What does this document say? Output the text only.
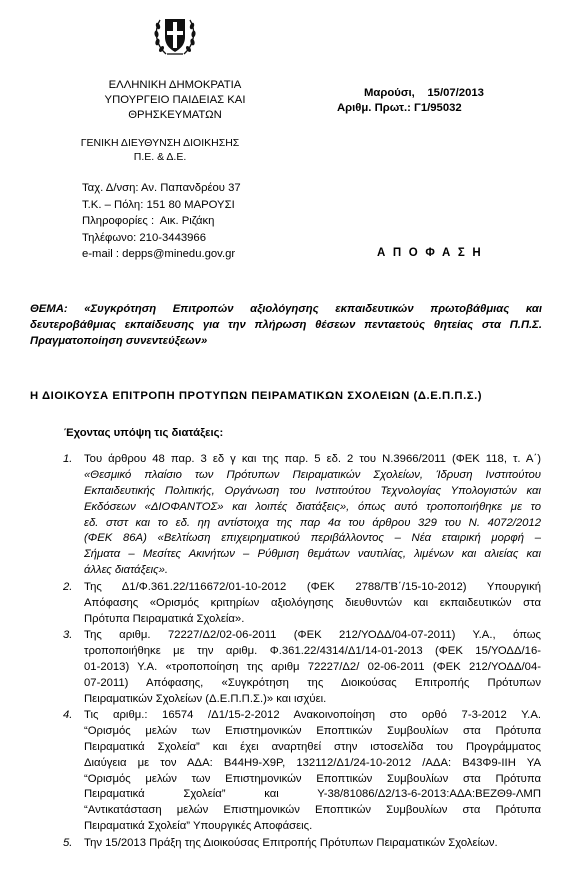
ΕΛΛΗΝΙΚΗ ΔΗΜΟΚΡΑΤΙΑ
ΥΠΟΥΡΓΕΙΟ ΠΑΙΔΕΙΑΣ ΚΑΙ ΘΡΗΣΚΕΥΜΑΤΩΝ
Μαρούσι,    15/07/2013
Αριθμ. Πρωτ.: Γ1/95032
ΓΕΝΙΚΗ ΔΙΕΥΘΥΝΣΗ ΔΙΟΙΚΗΣΗΣ
Π.Ε. & Δ.Ε.
Ταχ. Δ/νση: Αν. Παπανδρέου 37
Τ.Κ. – Πόλη: 151 80 ΜΑΡΟΥΣΙ
Πληροφορίες :  Αικ. Ριζάκη
Τηλέφωνο: 210-3443966
e-mail : depps@minedu.gov.gr	Α Π Ο Φ Α Σ Η
ΘΕΜΑ: «Συγκρότηση Επιτροπών αξιολόγησης εκπαιδευτικών πρωτοβάθμιας και
δευτεροβάθμιας εκπαίδευσης για την πλήρωση θέσεων πενταετούς θητείας στα Π.Π.Σ.
Πραγματοποίηση συνεντεύξεων»
Η ΔΙΟΙΚΟΥΣΑ ΕΠΙΤΡΟΠΗ ΠΡΟΤΥΠΩΝ ΠΕΙΡΑΜΑΤΙΚΩΝ ΣΧΟΛΕΙΩΝ (Δ.Ε.Π.Π.Σ.)
Έχοντας υπόψη τις διατάξεις:
1. Του άρθρου 48 παρ. 3 εδ γ και της παρ. 5 εδ. 2 του Ν.3966/2011 (ΦΕΚ 118, τ. Α΄)
«Θεσμικό πλαίσιο των Πρότυπων Πειραματικών Σχολείων, Ίδρυση Ινστιτούτου
Εκπαιδευτικής Πολιτικής, Οργάνωση του Ινστιτούτου Τεχνολογίας Υπολογιστών και
Εκδόσεων «ΔΙΟΦΑΝΤΟΣ» και λοιπές διατάξεις», όπως αυτό τροποποιήθηκε με το
εδ. στστ και το εδ. ηη αντίστοιχα της παρ 4α του άρθρου 329 του Ν. 4072/2012
(ΦΕΚ 86Α) «Βελτίωση επιχειρηματικού περιβάλλοντος – Νέα εταιρική μορφή –
Σήματα – Μεσίτες Ακινήτων – Ρύθμιση θεμάτων ναυτιλίας, λιμένων και αλιείας και
άλλες διατάξεις».
2. Της Δ1/Φ.361.22/116672/01-10-2012 (ΦΕΚ 2788/ΤΒ΄/15-10-2012) Υπουργική
Απόφασης «Ορισμός κριτηρίων αξιολόγησης διευθυντών και εκπαιδευτικών στα
Πρότυπα Πειραματικά Σχολεία».
3. Της αριθμ. 72227/Δ2/02-06-2011 (ΦΕΚ 212/ΥΟΔΔ/04-07-2011) Υ.Α., όπως
τροποποιήθηκε με την αριθμ. Φ.361.22/4314/Δ1/14-01-2013 (ΦΕΚ 15/ΥΟΔΔ/16-
01-2013) Υ.Α. «τροποποίηση της αριθμ 72227/Δ2/ 02-06-2011 (ΦΕΚ 212/ΥΟΔΔ/04-
07-2011) Απόφασης, «Συγκρότηση της Διοικούσας Επιτροπής Πρότυπων
Πειραματικών Σχολείων (Δ.Ε.Π.Π.Σ.)» και ισχύει.
4. Τις αριθμ.: 16574 /Δ1/15-2-2012 Ανακοινοποίηση στο ορθό 7-3-2012 Υ.Α.
“Ορισμός μελών των Επιστημονικών Εποπτικών Συμβουλίων στα Πρότυπα
Πειραματικά Σχολεία” και έχει αναρτηθεί στην ιστοσελίδα του Προγράμματος
Διαύγεια με τον ΑΔΑ: Β44Η9-Χ9Ρ, 132112/Δ1/24-10-2012 /ΑΔΑ: Β43Φ9-ΙΙΗ ΥΑ
“Ορισμός μελών των Επιστημονικών Εποπτικών Συμβουλίων στα Πρότυπα
Πειραματικά Σχολεία” και Υ-38/81086/Δ2/13-6-2013:ΑΔΑ:ΒΕΖΘ9-ΛΜΠ
“Αντικατάσταση μελών Επιστημονικών Εποπτικών Συμβουλίων στα Πρότυπα
Πειραματικά Σχολεία” Υπουργικές Αποφάσεις.
5. Την 15/2013 Πράξη της Διοικούσας Επιτροπής Πρότυπων Πειραματικών Σχολείων.
